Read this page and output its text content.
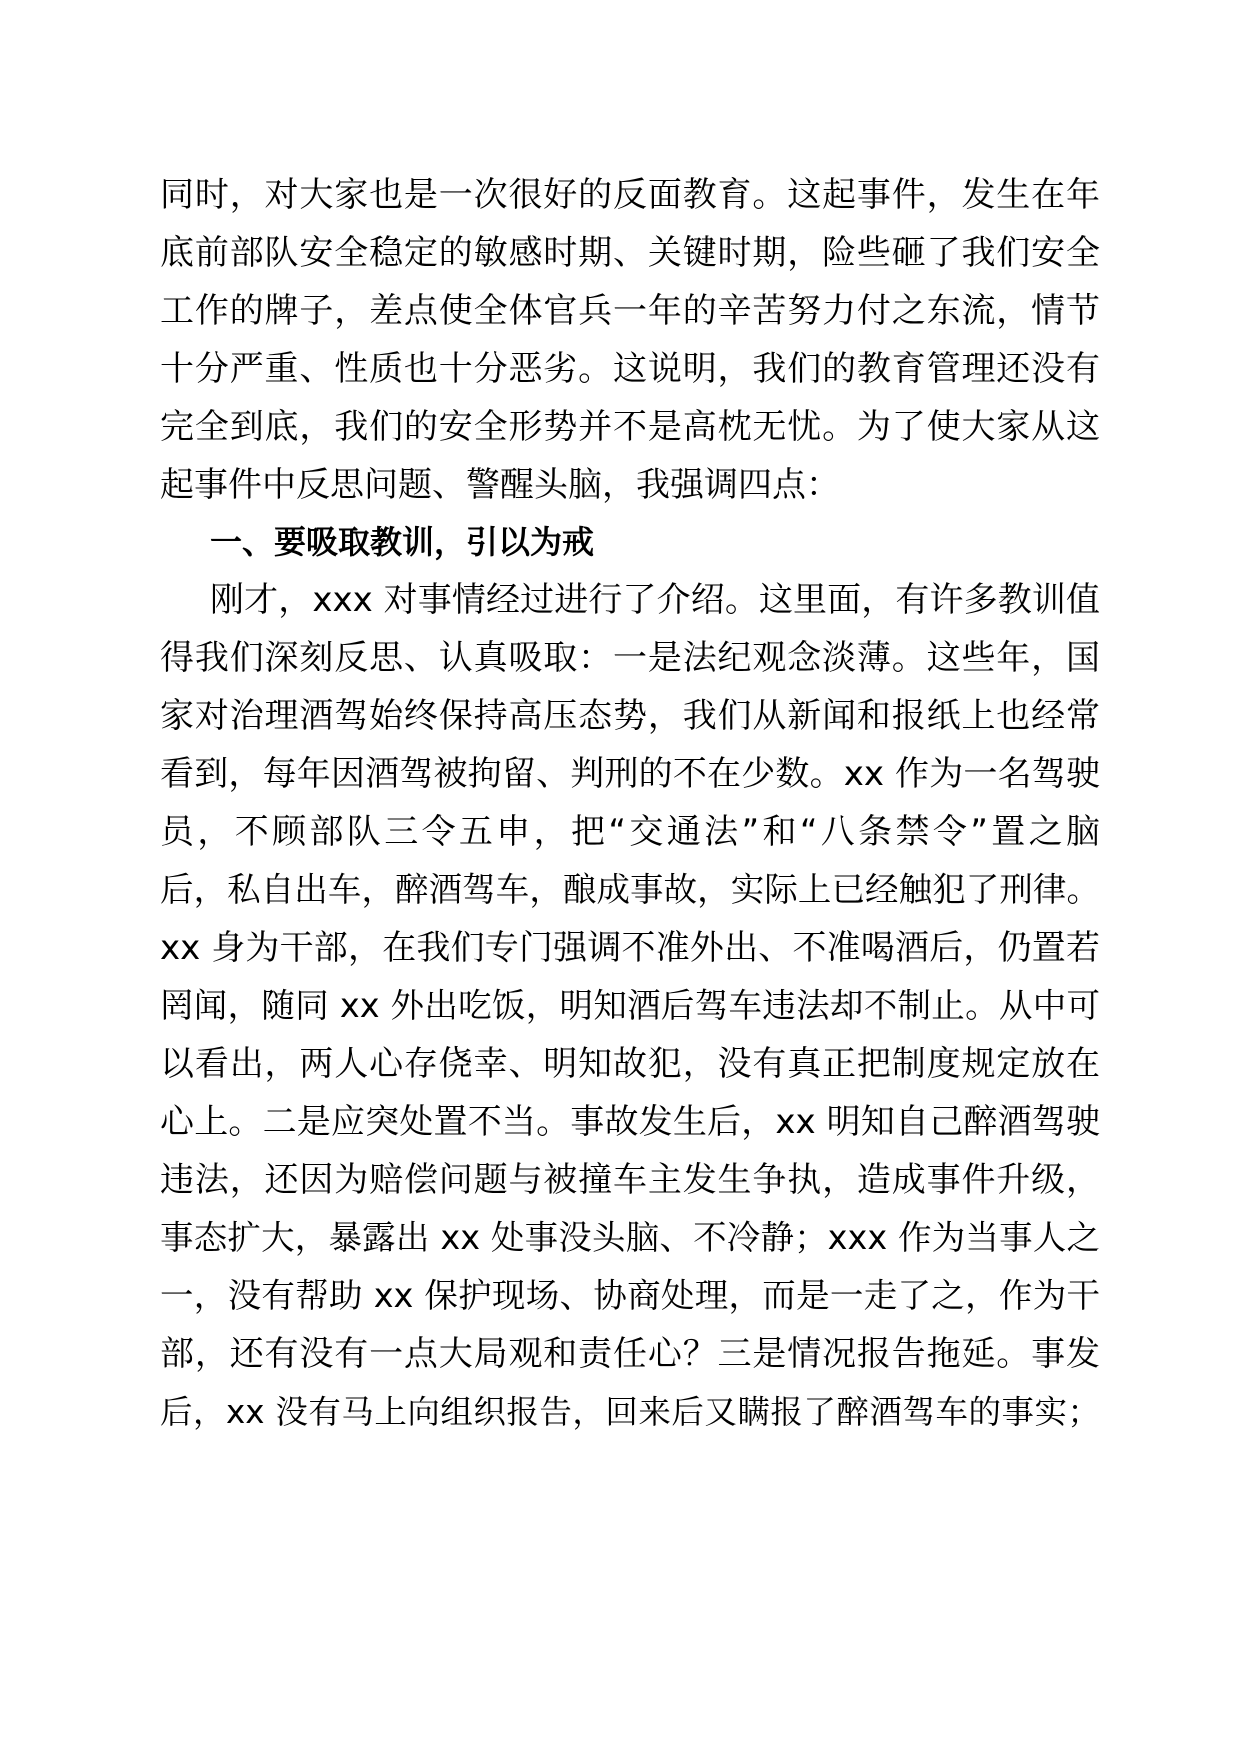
同时，对大家也是一次很好的反面教育。这起事件，发生在年
底前部队安全稳定的敏感时期、关键时期，险些砸了我们安全
工作的牌子，差点使全体官兵一年的辛苦努力付之东流，情节
十分严重、性质也十分恶劣。这说明，我们的教育管理还没有
完全到底，我们的安全形势并不是高枕无忧。为了使大家从这
起事件中反思问题、警醒头脑，我强调四点：
一、要吸取教训，引以为戒
刚才，xxx 对事情经过进行了介绍。这里面，有许多教训值
得我们深刻反思、认真吸取：一是法纪观念淡薄。这些年，国
家对治理酒驾始终保持高压态势，我们从新闻和报纸上也经常
看到，每年因酒驾被拘留、判刑的不在少数。xx 作为一名驾驶
员，不顾部队三令五申，把“交通法”和“八条禁令”置之脑
后，私自出车，醉酒驾车，酿成事故，实际上已经触犯了刑律。
xx 身为干部，在我们专门强调不准外出、不准喝酒后，仍置若
罔闻，随同 xx 外出吃饭，明知酒后驾车违法却不制止。从中可
以看出，两人心存侥幸、明知故犯，没有真正把制度规定放在
心上。二是应突处置不当。事故发生后，xx 明知自己醉酒驾驶
违法，还因为赔偿问题与被撞车主发生争执，造成事件升级，
事态扩大，暴露出 xx 处事没头脑、不冷静；xxx 作为当事人之
一，没有帮助 xx 保护现场、协商处理，而是一走了之，作为干
部，还有没有一点大局观和责任心？三是情况报告拖延。事发
后，xx 没有马上向组织报告，回来后又瞒报了醉酒驾车的事实；
